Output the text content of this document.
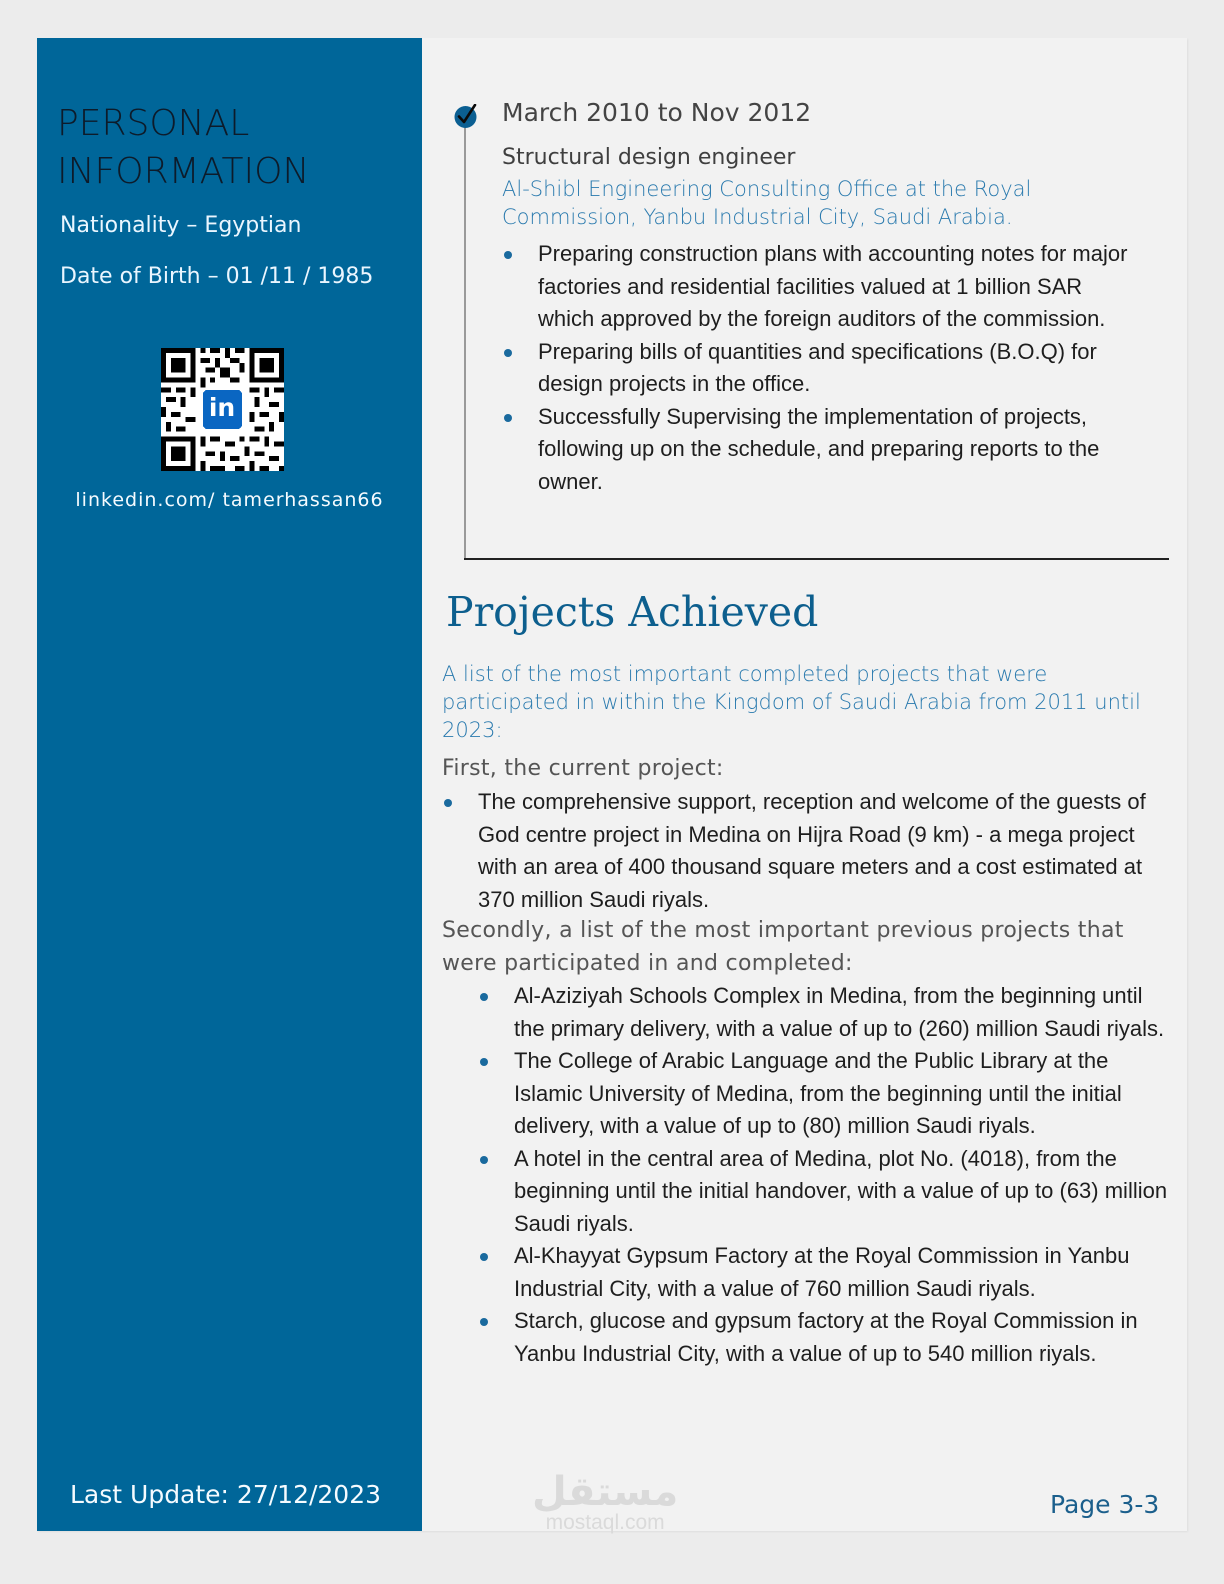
PERSONAL
INFORMATION
Nationality – Egyptian
Date of Birth – 01 /11 / 1985
in
linkedin.com/ tamerhassan66
Last Update: 27/12/2023
March 2010 to Nov 2012
Structural design engineer
Al-Shibl Engineering Consulting Office at the Royal Commission, Yanbu Industrial City, Saudi Arabia.
Preparing construction plans with accounting notes for major factories and residential facilities valued at 1 billion SAR which approved by the foreign auditors of the commission.
Preparing bills of quantities and specifications (B.O.Q) for design projects in the office.
Successfully Supervising the implementation of projects, following up on the schedule, and preparing reports to the owner.
Projects Achieved
A list of the most important completed projects that were participated in within the Kingdom of Saudi Arabia from 2011 until 2023:
First, the current project:
The comprehensive support, reception and welcome of the guests of God centre project in Medina on Hijra Road (9 km) - a mega project with an area of 400 thousand square meters and a cost estimated at 370 million Saudi riyals.
Secondly, a list of the most important previous projects that were participated in and completed:
Al-Aziziyah Schools Complex in Medina, from the beginning until the primary delivery, with a value of up to (260) million Saudi riyals.
The College of Arabic Language and the Public Library at the Islamic University of Medina, from the beginning until the initial delivery, with a value of up to (80) million Saudi riyals.
A hotel in the central area of Medina, plot No. (4018), from the beginning until the initial handover, with a value of up to (63) million Saudi riyals.
Al-Khayyat Gypsum Factory at the Royal Commission in Yanbu Industrial City, with a value of 760 million Saudi riyals.
Starch, glucose and gypsum factory at the Royal Commission in Yanbu Industrial City, with a value of up to 540 million riyals.
مستقل
mostaql.com
Page 3-3
